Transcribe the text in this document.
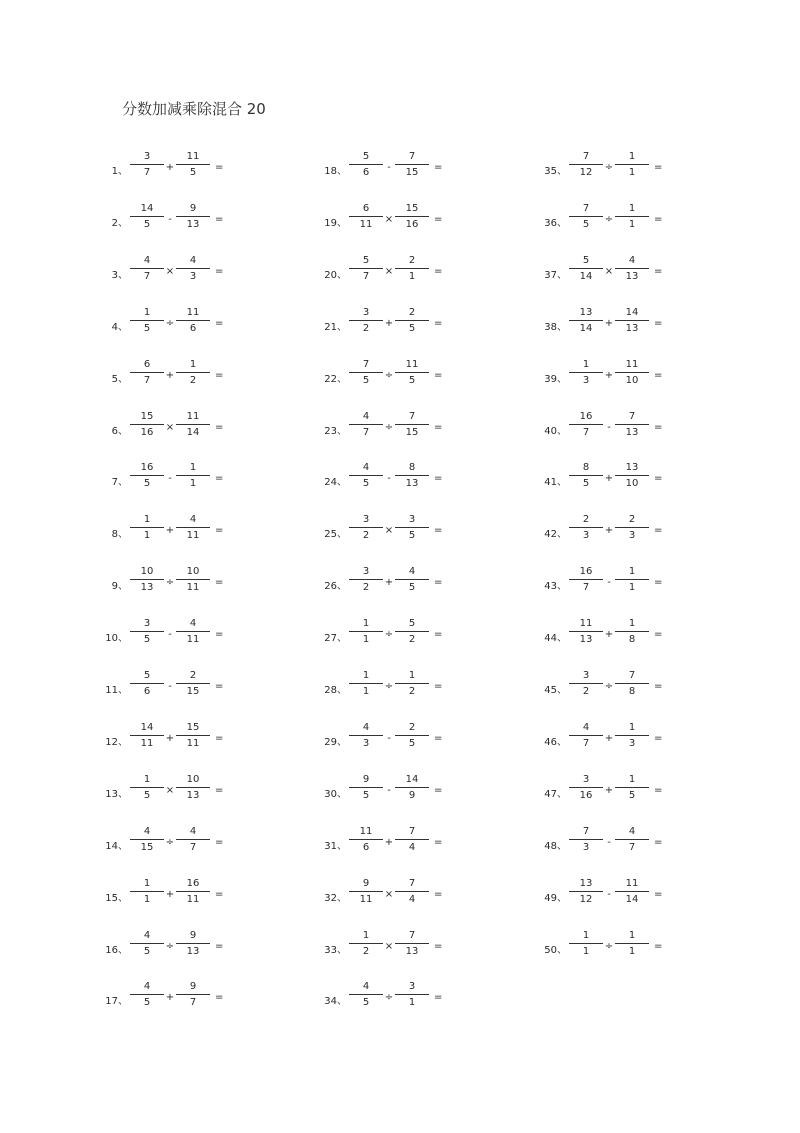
分数加减乘除混合 20
1、
3
7	+
11
5	=
2、
14
5	-
9
13	=
3、
4
7	×
4
3	=
4、
1
5	÷
11
6	=
5、
6
7	+
1
2	=
6、
15
16	×
11
14	=
7、
16
5	-
1
1	=
8、
1
1	+
4
11	=
9、
10
13	÷
10
11	=
10、
3
5	-
4
11	=
11、
5
6	-
2
15	=
12、
14
11	+
15
11	=
13、
1
5	×
10
13	=
14、
4
15	÷
4
7	=
15、
1
1	+
16
11	=
16、
4
5	÷
9
13	=
17、
4
5	+
9
7	=
18、
5
6	-
7
15	=
19、
6
11	×
15
16	=
20、
5
7	×
2
1	=
21、
3
2	+
2
5	=
22、
7
5	÷
11
5	=
23、
4
7	÷
7
15	=
24、
4
5	-
8
13	=
25、
3
2	×
3
5	=
26、
3
2	+
4
5	=
27、
1
1	÷
5
2	=
28、
1
1	÷
1
2	=
29、
4
3	-
2
5	=
30、
9
5	-
14
9	=
31、
11
6	+
7
4	=
32、
9
11	×
7
4	=
33、
1
2	×
7
13	=
34、
4
5	÷
3
1	=
35、
7
12	÷
1
1	=
36、
7
5	÷
1
1	=
37、
5
14	×
4
13	=
38、
13
14	+
14
13	=
39、
1
3	+
11
10	=
40、
16
7	-
7
13	=
41、
8
5	+
13
10	=
42、
2
3	+
2
3	=
43、
16
7	-
1
1	=
44、
11
13	+
1
8	=
45、
3
2	÷
7
8	=
46、
4
7	+
1
3	=
47、
3
16	+
1
5	=
48、
7
3	-
4
7	=
49、
13
12	-
11
14	=
50、
1
1	÷
1
1	=
